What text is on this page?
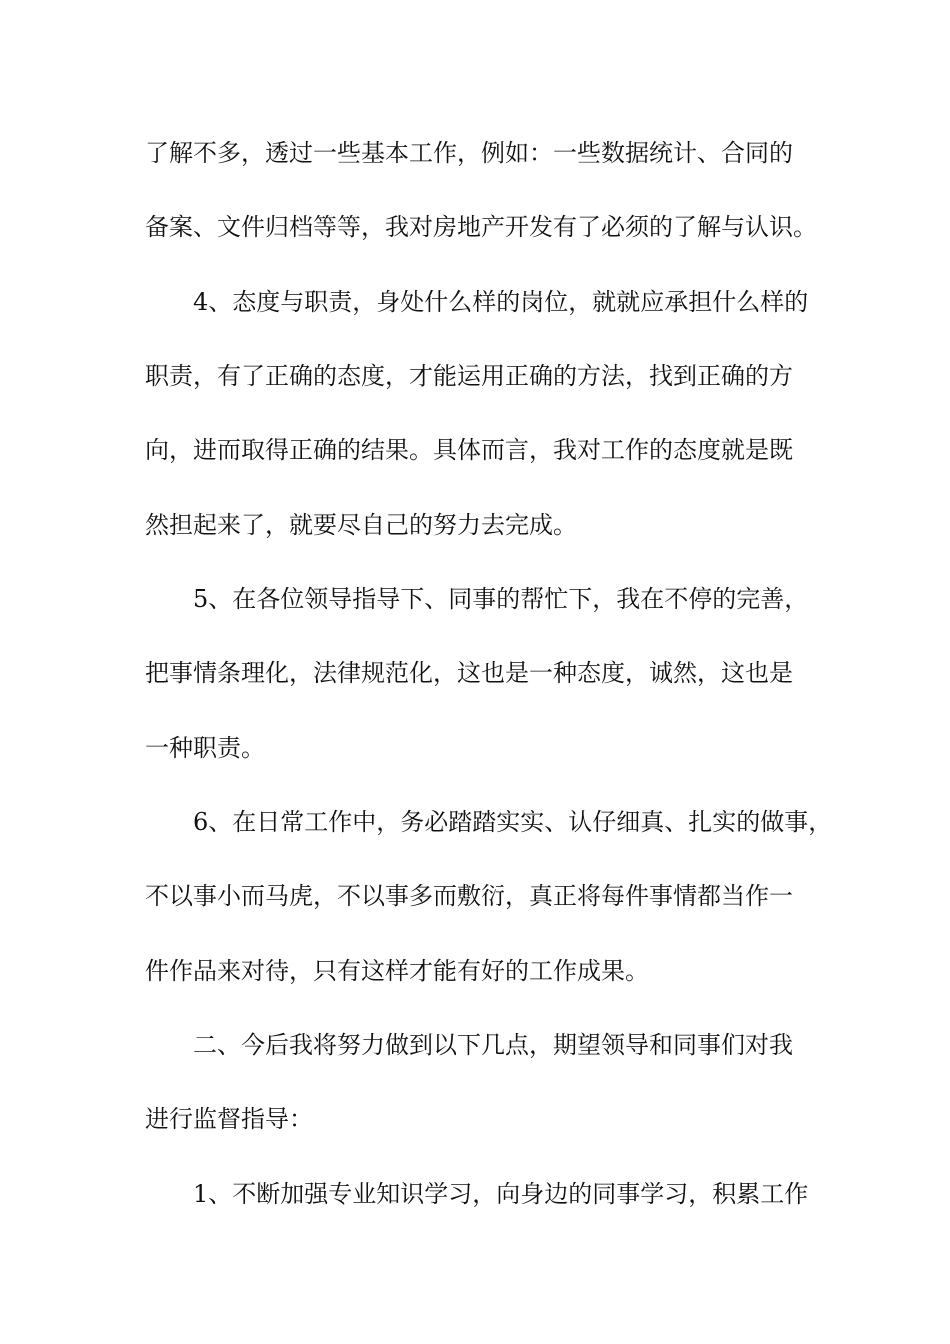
了解不多，透过一些基本工作，例如：一些数据统计、合同的
备案、文件归档等等，我对房地产开发有了必须的了解与认识。
4、态度与职责，身处什么样的岗位，就就应承担什么样的
职责，有了正确的态度，才能运用正确的方法，找到正确的方
向，进而取得正确的结果。具体而言，我对工作的态度就是既
然担起来了，就要尽自己的努力去完成。
5、在各位领导指导下、同事的帮忙下，我在不停的完善，
把事情条理化，法律规范化，这也是一种态度，诚然，这也是
一种职责。
6、在日常工作中，务必踏踏实实、认仔细真、扎实的做事，
不以事小而马虎，不以事多而敷衍，真正将每件事情都当作一
件作品来对待，只有这样才能有好的工作成果。
二、今后我将努力做到以下几点，期望领导和同事们对我
进行监督指导：
1、不断加强专业知识学习，向身边的同事学习，积累工作
